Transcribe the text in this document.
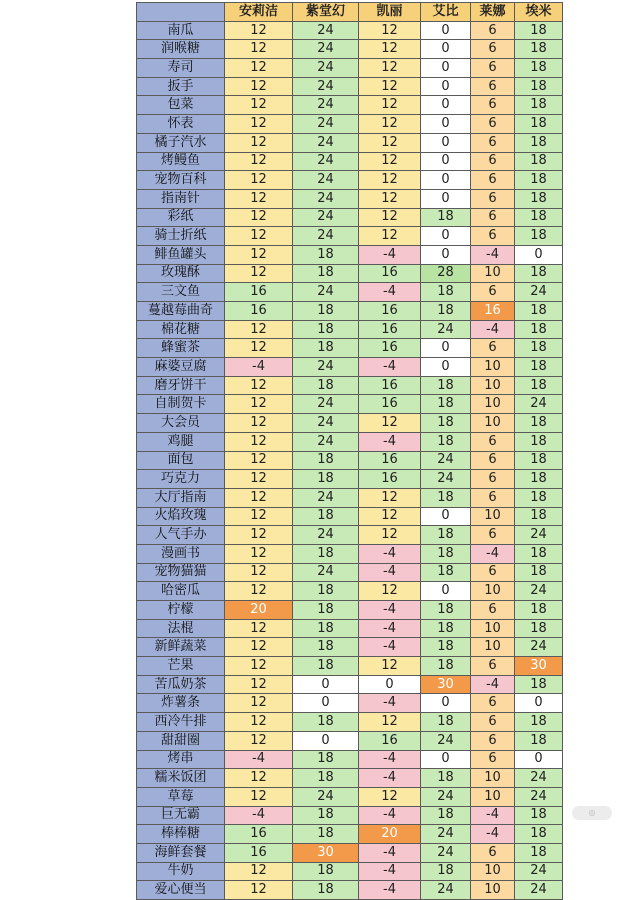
	安莉洁	紫堂幻	凯丽	艾比	莱娜	埃米
南瓜	12	24	12	0	6	18
润喉糖	12	24	12	0	6	18
寿司	12	24	12	0	6	18
扳手	12	24	12	0	6	18
包菜	12	24	12	0	6	18
怀表	12	24	12	0	6	18
橘子汽水	12	24	12	0	6	18
烤鳗鱼	12	24	12	0	6	18
宠物百科	12	24	12	0	6	18
指南针	12	24	12	0	6	18
彩纸	12	24	12	18	6	18
骑士折纸	12	24	12	0	6	18
鲱鱼罐头	12	18	-4	0	-4	0
玫瑰酥	12	18	16	28	10	18
三文鱼	16	24	-4	18	6	24
蔓越莓曲奇	16	18	16	18	16	18
棉花糖	12	18	16	24	-4	18
蜂蜜茶	12	18	16	0	6	18
麻婆豆腐	-4	24	-4	0	10	18
磨牙饼干	12	18	16	18	10	18
自制贺卡	12	24	16	18	10	24
大会员	12	24	12	18	10	18
鸡腿	12	24	-4	18	6	18
面包	12	18	16	24	6	18
巧克力	12	18	16	24	6	18
大厅指南	12	24	12	18	6	18
火焰玫瑰	12	18	12	0	10	18
人气手办	12	24	12	18	6	24
漫画书	12	18	-4	18	-4	18
宠物猫猫	12	24	-4	18	6	18
哈密瓜	12	18	12	0	10	24
柠檬	20	18	-4	18	6	18
法棍	12	18	-4	18	10	18
新鲜蔬菜	12	18	-4	18	10	24
芒果	12	18	12	18	6	30
苦瓜奶茶	12	0	0	30	-4	18
炸薯条	12	0	-4	0	6	0
西冷牛排	12	18	12	18	6	18
甜甜圈	12	0	16	24	6	18
烤串	-4	18	-4	0	6	0
糯米饭团	12	18	-4	18	10	24
草莓	12	24	12	24	10	24
巨无霸	-4	18	-4	18	-4	18
棒棒糖	16	18	20	24	-4	18
海鲜套餐	16	30	-4	24	6	18
牛奶	12	18	-4	18	10	24
爱心便当	12	18	-4	24	10	24
◎
